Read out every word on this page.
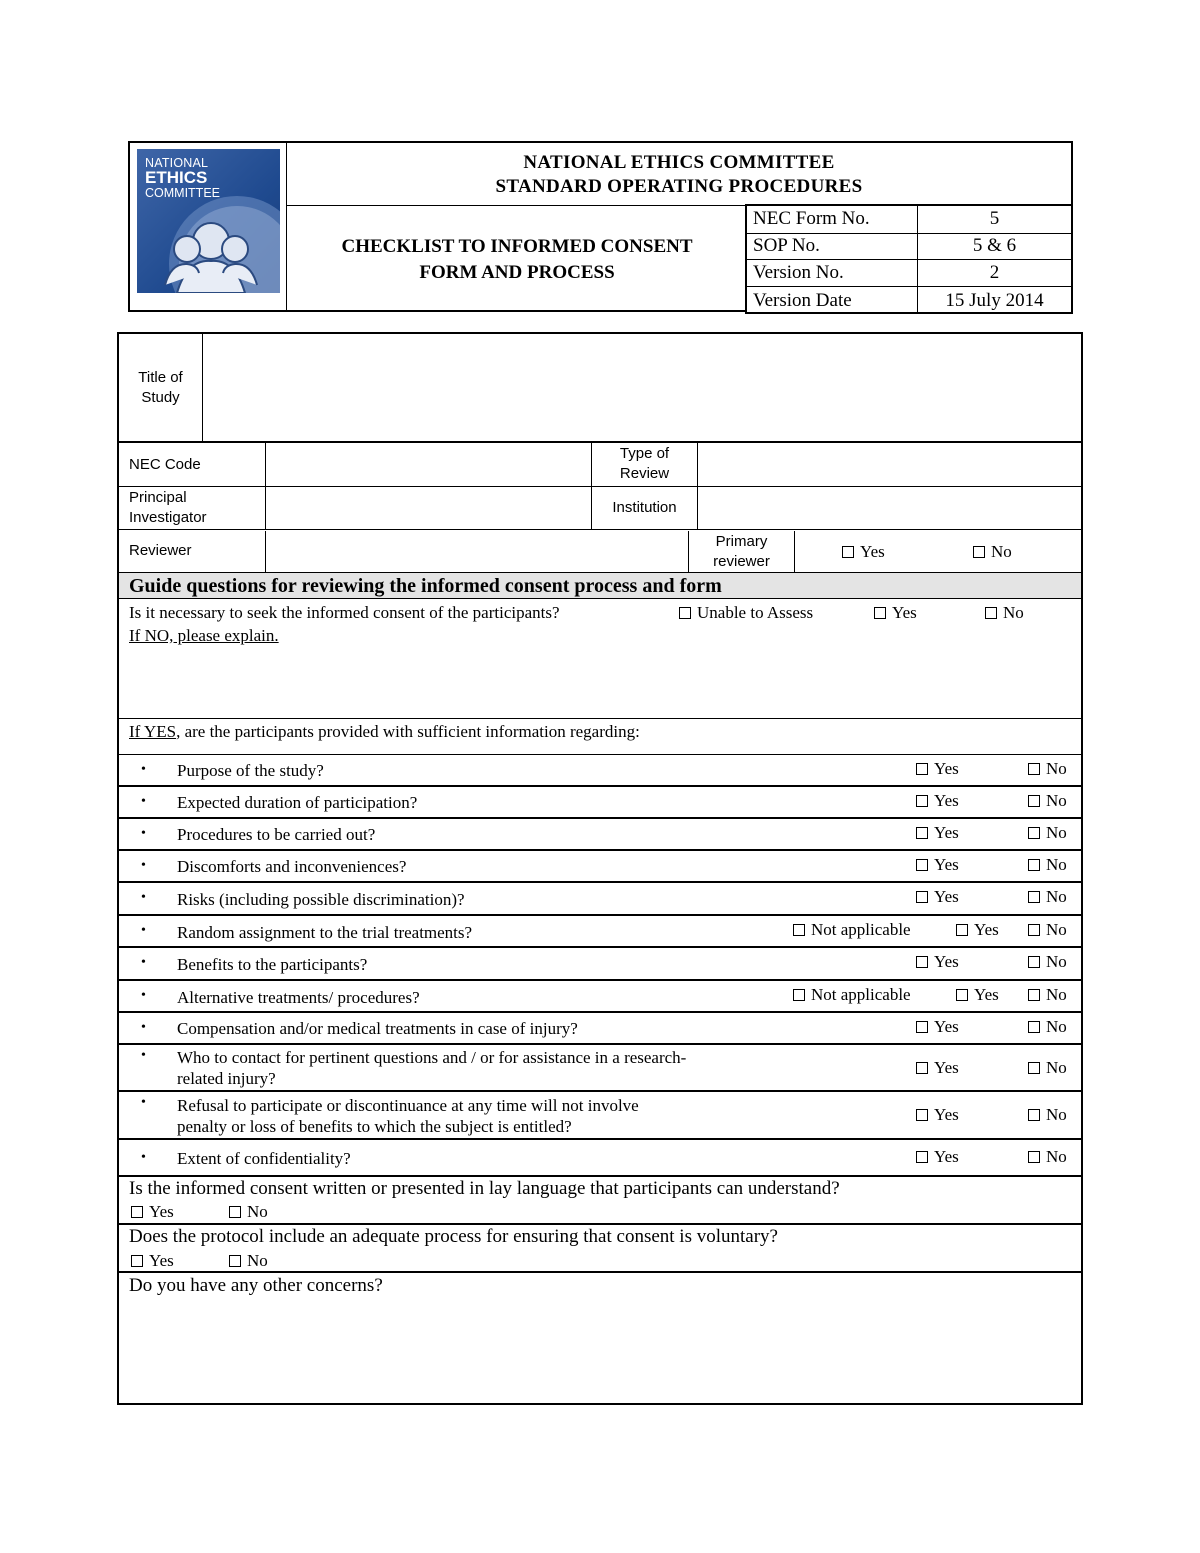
NATIONAL
ETHICS
COMMITTEE
NATIONAL ETHICS COMMITTEE
STANDARD OPERATING PROCEDURES
CHECKLIST TO INFORMED CONSENT
FORM AND PROCESS
NEC Form No.	5
SOP No.	5 & 6
Version No.	2
Version Date	15 July 2014
Title of
Study
NEC Code
Type of
Review
Principal
Investigator
Institution
Reviewer
Primary
reviewer
Yes	No
Guide questions for reviewing the informed consent process and form
Is it necessary to seek the informed consent of the participants?	Unable to Assess	Yes	No
If NO, please explain.
If YES, are the participants provided with sufficient information regarding:
• Purpose of the study?	Yes	No
• Expected duration of participation?	Yes	No
• Procedures to be carried out?	Yes	No
• Discomforts and inconveniences?	Yes	No
• Risks (including possible discrimination)?	Yes	No
• Random assignment to the trial treatments?	Not applicable	Yes	No
• Benefits to the participants?	Yes	No
• Alternative treatments/ procedures?	Not applicable	Yes	No
• Compensation and/or medical treatments in case of injury?	Yes	No
• Who to contact for pertinent questions and / or for assistance in a research-
related injury?
Yes	No
• Refusal to participate or discontinuance at any time will not involve
penalty or loss of benefits to which the subject is entitled?
Yes	No
• Extent of confidentiality?	Yes	No
Is the informed consent written or presented in lay language that participants can understand?
Yes	No
Does the protocol include an adequate process for ensuring that consent is voluntary?
Yes	No
Do you have any other concerns?
